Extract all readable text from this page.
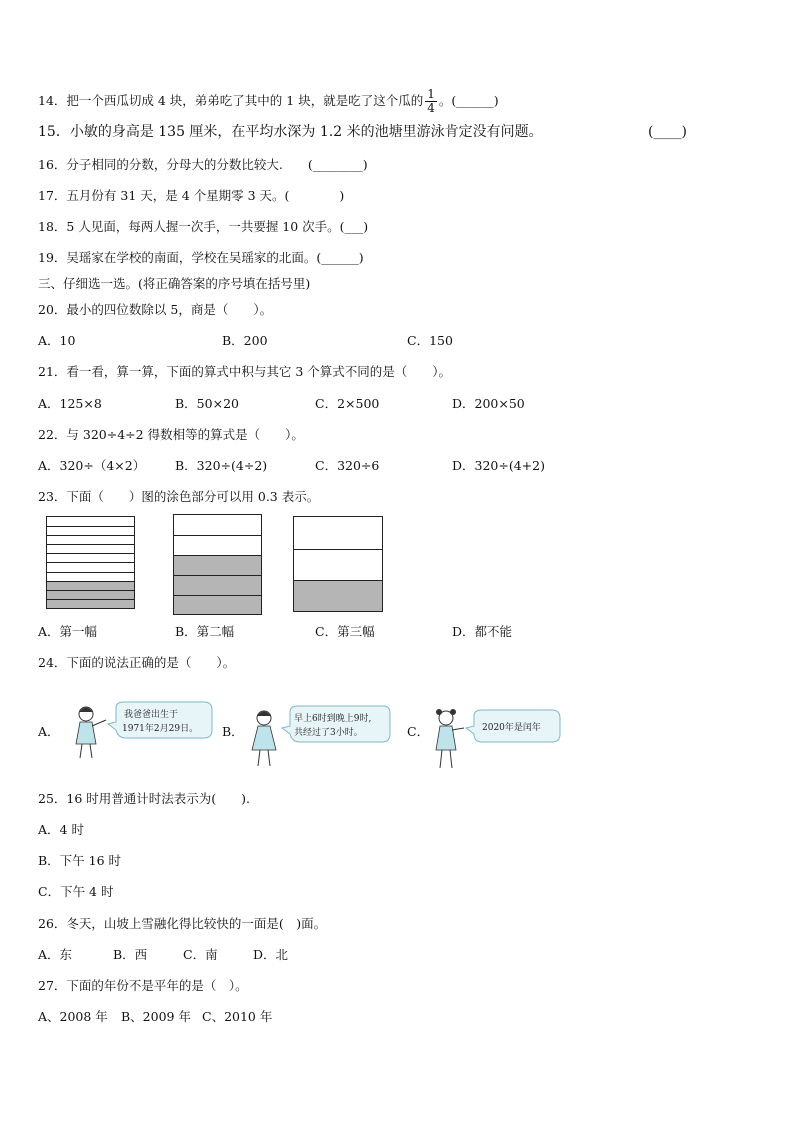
14．把一个西瓜切成 4 块，弟弟吃了其中的 1 块，就是吃了这个瓜的 $\frac{1}{4}$ 。(______)
15．小敏的身高是 135 厘米，在平均水深为 1.2 米的池塘里游泳肯定没有问题。	(____)
16．分子相同的分数，分母大的分数比较大.　　(________)
17．五月份有 31 天，是 4 个星期零 3 天。(　　　　)
18．5 人见面，每两人握一次手，一共要握 10 次手。(___)
19．吴瑶家在学校的南面，学校在吴瑶家的北面。(______)
三、仔细选一选。(将正确答案的序号填在括号里)
20．最小的四位数除以 5，商是（　　）。
A．10	B．200	C．150
21．看一看，算一算，下面的算式中积与其它 3 个算式不同的是（　　）。
A．125×8	B．50×20	C．2×500	D．200×50
22．与 320÷4÷2 得数相等的算式是（　　）。
A．320÷（4×2） B．320÷(4÷2)	C．320÷6	D．320÷(4+2)
23．下面（　　）图的涂色部分可以用 0.3 表示。
A．第一幅	B．第二幅	C．第三幅	D．都不能
24．下面的说法正确的是（　　）。
A．
我爸爸出生于
1971年2月29日。 B．
早上6时到晚上9时,
共经过了3小时。	C．	2020年是闰年
25．16 时用普通计时法表示为(　　).
A．4 时
B．下午 16 时
C．下午 4 时
26．冬天，山坡上雪融化得比较快的一面是(　)面。
A．东	B．西	C．南	D．北
27．下面的年份不是平年的是（　）。
A、2008 年 B、2009 年 C、2010 年
